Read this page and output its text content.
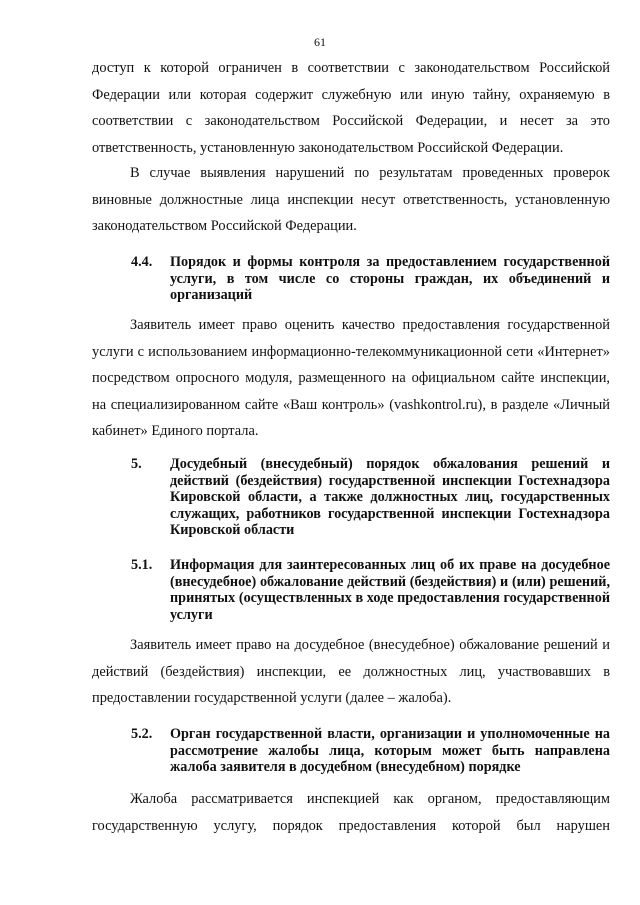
61

доступ к которой ограничен в соответствии с законодательством Российской Федерации или которая содержит служебную или иную тайну, охраняемую в соответствии с законодательством Российской Федерации, и несет за это ответственность, установленную законодательством Российской Федерации.

В случае выявления нарушений по результатам проведенных проверок виновные должностные лица инспекции несут ответственность, установленную законодательством Российской Федерации.

4.4. Порядок и формы контроля за предоставлением государственной услуги, в том числе со стороны граждан, их объединений и организаций

Заявитель имеет право оценить качество предоставления государственной услуги с использованием информационно-телекоммуникационной сети «Интернет» посредством опросного модуля, размещенного на официальном сайте инспекции, на специализированном сайте «Ваш контроль» (vashkontrol.ru), в разделе «Личный кабинет» Единого портала.

5. Досудебный (внесудебный) порядок обжалования решений и действий (бездействия) государственной инспекции Гостехнадзора Кировской области, а также должностных лиц, государственных служащих, работников государственной инспекции Гостехнадзора Кировской области
5.1. Информация для заинтересованных лиц об их праве на досудебное (внесудебное) обжалование действий (бездействия) и (или) решений, принятых (осуществленных в ходе предоставления государственной услуги

Заявитель имеет право на досудебное (внесудебное) обжалование решений и действий (бездействия) инспекции, ее должностных лиц, участвовавших в предоставлении государственной услуги (далее – жалоба).

5.2. Орган государственной власти, организации и уполномоченные на рассмотрение жалобы лица, которым может быть направлена жалоба заявителя в досудебном (внесудебном) порядке

Жалоба рассматривается инспекцией как органом, предоставляющим государственную услугу, порядок предоставления которой был нарушен
